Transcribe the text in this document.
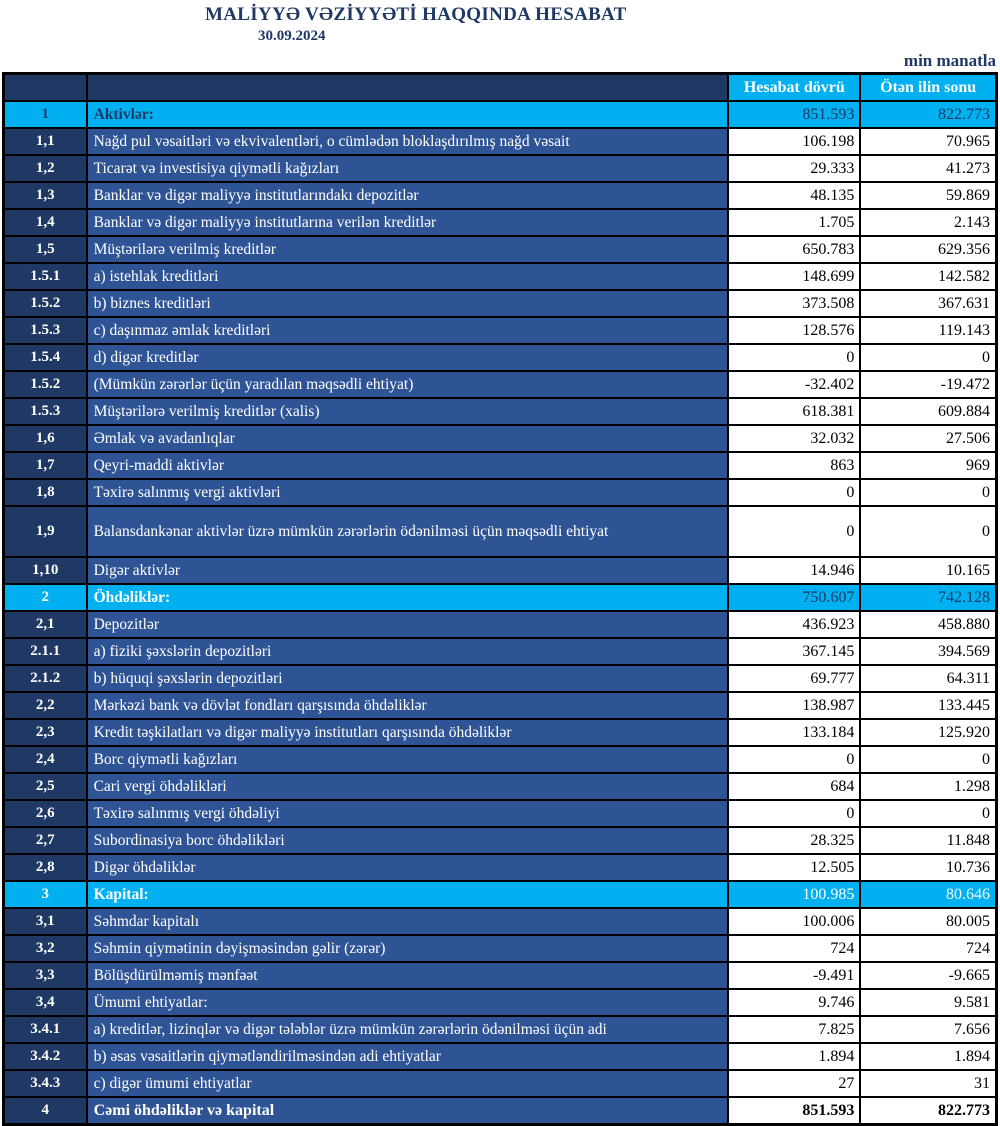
MALİYYƏ VƏZİYYƏTİ HAQQINDA HESABAT
30.09.2024
min manatla
		Hesabat dövrü	Ötən ilin sonu
1	Aktivlər:	851.593	822.773
1,1	Nağd pul vəsaitləri və ekvivalentləri, o cümlədən bloklaşdırılmış nağd vəsait	106.198	70.965
1,2	Ticarət və investisiya qiymətli kağızları	29.333	41.273
1,3	Banklar və digər maliyyə institutlarındakı depozitlər	48.135	59.869
1,4	Banklar və digər maliyyə institutlarına verilən kreditlər	1.705	2.143
1,5	Müştərilərə verilmiş kreditlər	650.783	629.356
1.5.1	a) istehlak kreditləri	148.699	142.582
1.5.2	b) biznes kreditləri	373.508	367.631
1.5.3	c) daşınmaz əmlak kreditləri	128.576	119.143
1.5.4	d) digər kreditlər	0	0
1.5.2	(Mümkün zərərlər üçün yaradılan məqsədli ehtiyat)	-32.402	-19.472
1.5.3	Müştərilərə verilmiş kreditlər (xalis)	618.381	609.884
1,6	Əmlak və avadanlıqlar	32.032	27.506
1,7	Qeyri-maddi aktivlər	863	969
1,8	Təxirə salınmış vergi aktivləri	0	0
1,9	Balansdankənar aktivlər üzrə mümkün zərərlərin ödənilməsi üçün məqsədli ehtiyat	0	0
1,10	Digər aktivlər	14.946	10.165
2	Öhdəliklər:	750.607	742.128
2,1	Depozitlər	436.923	458.880
2.1.1	a) fiziki şəxslərin depozitləri	367.145	394.569
2.1.2	b) hüquqi şəxslərin depozitləri	69.777	64.311
2,2	Mərkəzi bank və dövlət fondları qarşısında öhdəliklər	138.987	133.445
2,3	Kredit təşkilatları və digər maliyyə institutları qarşısında öhdəliklər	133.184	125.920
2,4	Borc qiymətli kağızları	0	0
2,5	Cari vergi öhdəlikləri	684	1.298
2,6	Təxirə salınmış vergi öhdəliyi	0	0
2,7	Subordinasiya borc öhdəlikləri	28.325	11.848
2,8	Digər öhdəliklər	12.505	10.736
3	Kapital:	100.985	80.646
3,1	Səhmdar kapitalı	100.006	80.005
3,2	Səhmin qiymətinin dəyişməsindən gəlir (zərər)	724	724
3,3	Bölüşdürülməmiş mənfəət	-9.491	-9.665
3,4	Ümumi ehtiyatlar:	9.746	9.581
3.4.1	a) kreditlər, lizinqlər və digər tələblər üzrə mümkün zərərlərin ödənilməsi üçün adi	7.825	7.656
3.4.2	b) əsas vəsaitlərin qiymətləndirilməsindən adi ehtiyatlar	1.894	1.894
3.4.3	c) digər ümumi ehtiyatlar	27	31
4	Cəmi öhdəliklər və kapital	851.593	822.773
